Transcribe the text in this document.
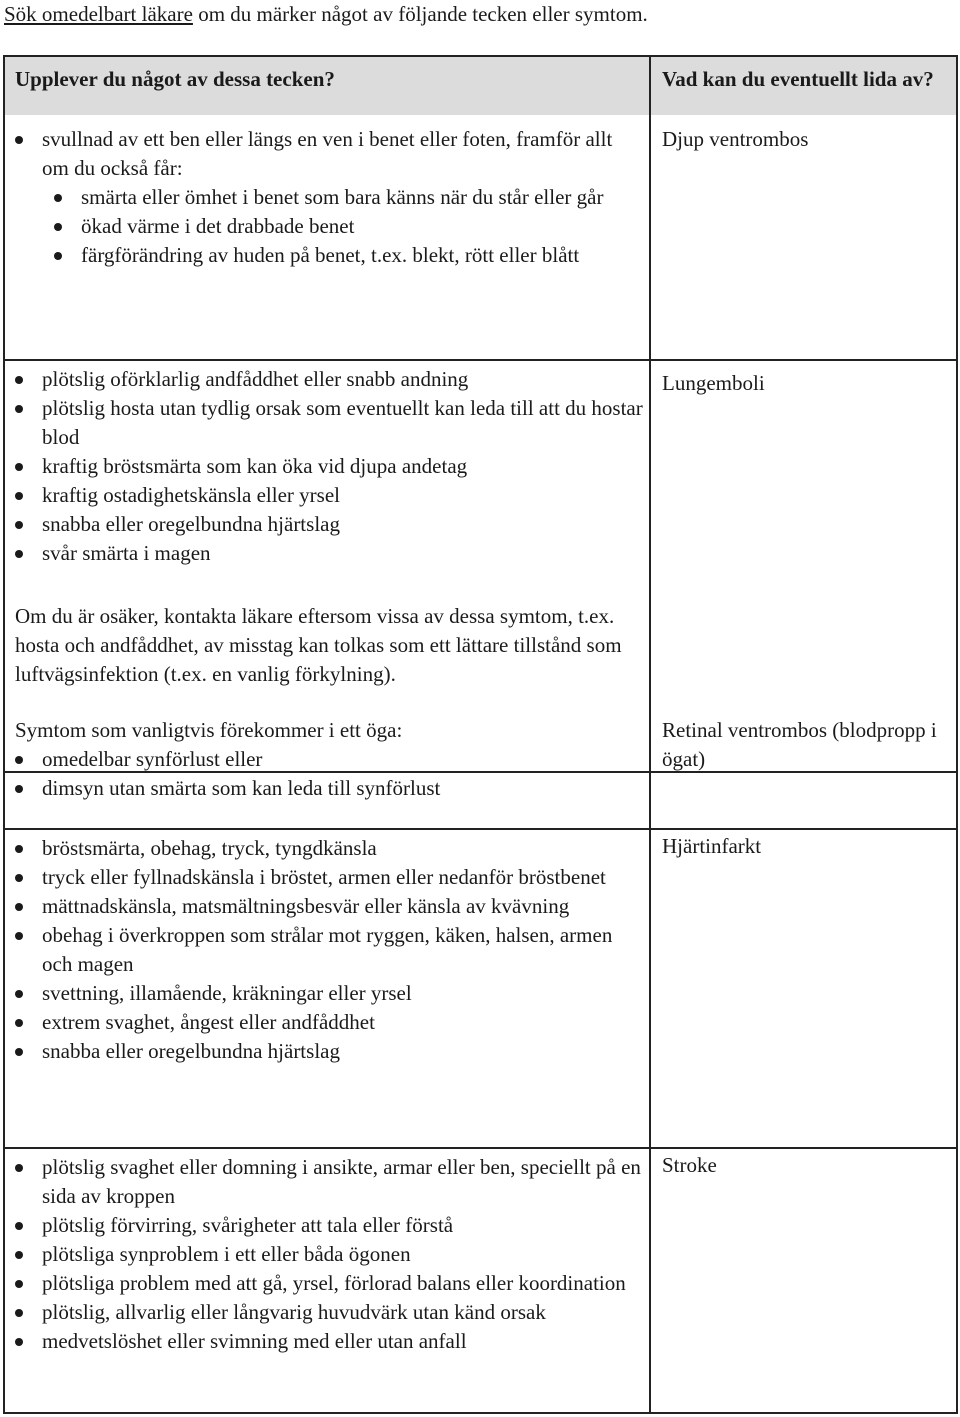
Sök omedelbart läkare om du märker något av följande tecken eller symtom.
Upplever du något av dessa tecken?	Vad kan du eventuellt lida av?
svullnad av ett ben eller längs en ven i benet eller foten, framför allt om du också får:
smärta eller ömhet i benet som bara känns när du står eller går
ökad värme i det drabbade benet
färgförändring av huden på benet, t.ex. blekt, rött eller blått
Djup ventrombos
plötslig oförklarlig andfåddhet eller snabb andning
plötslig hosta utan tydlig orsak som eventuellt kan leda till att du hostar blod
kraftig bröstsmärta som kan öka vid djupa andetag
kraftig ostadighetskänsla eller yrsel
snabba eller oregelbundna hjärtslag
svår smärta i magen
Om du är osäker, kontakta läkare eftersom vissa av dessa symtom, t.ex. hosta och andfåddhet, av misstag kan tolkas som ett lättare tillstånd som luftvägsinfektion (t.ex. en vanlig förkylning).
Lungemboli

Symtom som vanligtvis förekommer i ett öga:

omedelbar synförlust eller
dimsyn utan smärta som kan leda till synförlust
Retinal ventrombos (blodpropp i ögat)
bröstsmärta, obehag, tryck, tyngdkänsla
tryck eller fyllnadskänsla i bröstet, armen eller nedanför bröstbenet
mättnadskänsla, matsmältningsbesvär eller känsla av kvävning
obehag i överkroppen som strålar mot ryggen, käken, halsen, armen och magen
svettning, illamående, kräkningar eller yrsel
extrem svaghet, ångest eller andfåddhet
snabba eller oregelbundna hjärtslag
Hjärtinfarkt
plötslig svaghet eller domning i ansikte, armar eller ben, speciellt på en sida av kroppen
plötslig förvirring, svårigheter att tala eller förstå
plötsliga synproblem i ett eller båda ögonen
plötsliga problem med att gå, yrsel, förlorad balans eller koordination
plötslig, allvarlig eller långvarig huvudvärk utan känd orsak
medvetslöshet eller svimning med eller utan anfall
Stroke
